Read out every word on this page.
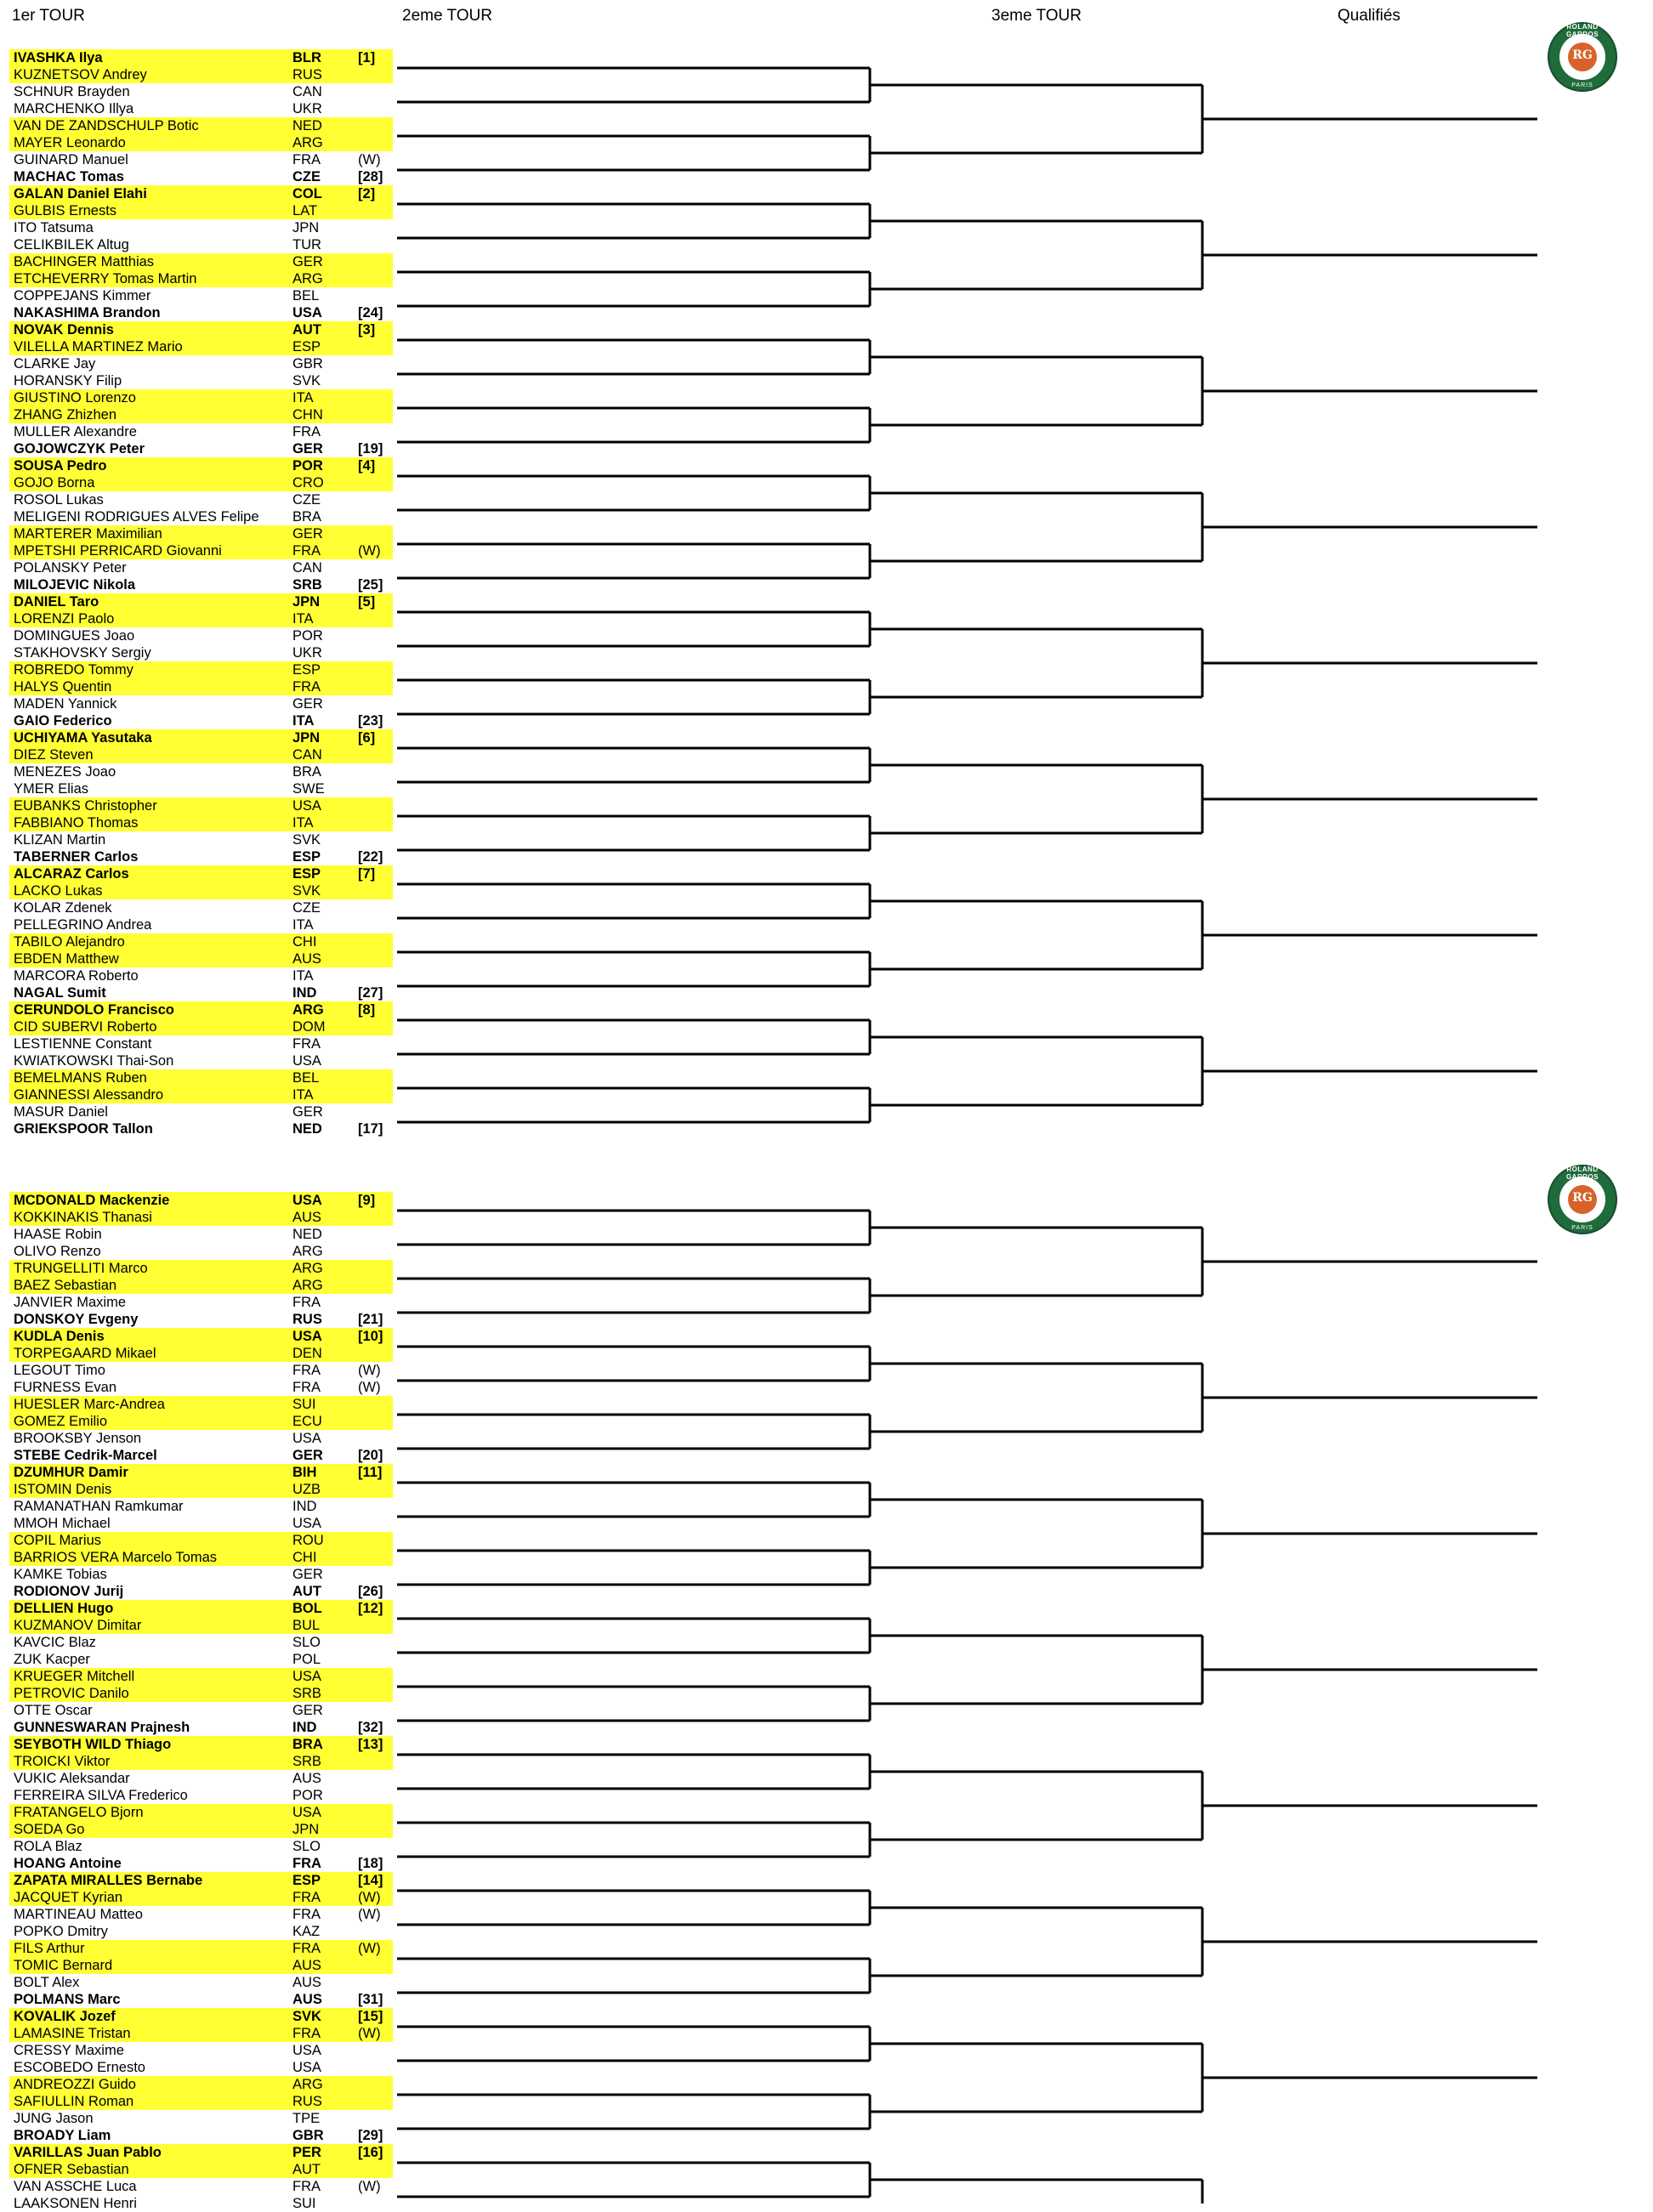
1er TOUR	2eme TOUR	3eme TOUR	Qualifiés
RG
ROLAND GARROS
PARIS
RG
ROLAND GARROS
PARIS
IVASHKA Ilya	BLR	[1]
KUZNETSOV Andrey	RUS
SCHNUR Brayden	CAN
MARCHENKO Illya	UKR
VAN DE ZANDSCHULP Botic	NED
MAYER Leonardo	ARG
GUINARD Manuel	FRA	(W)
MACHAC Tomas	CZE	[28]
GALAN Daniel Elahi	COL	[2]
GULBIS Ernests	LAT
ITO Tatsuma	JPN
CELIKBILEK Altug	TUR
BACHINGER Matthias	GER
ETCHEVERRY Tomas Martin	ARG
COPPEJANS Kimmer	BEL
NAKASHIMA Brandon	USA	[24]
NOVAK Dennis	AUT	[3]
VILELLA MARTINEZ Mario	ESP
CLARKE Jay	GBR
HORANSKY Filip	SVK
GIUSTINO Lorenzo	ITA
ZHANG Zhizhen	CHN
MULLER Alexandre	FRA
GOJOWCZYK Peter	GER [19]
SOUSA Pedro	POR [4]
GOJO Borna	CRO
ROSOL Lukas	CZE
MELIGENI RODRIGUES ALVES Felipe BRA
MARTERER Maximilian	GER
MPETSHI PERRICARD Giovanni	FRA	(W)
POLANSKY Peter	CAN
MILOJEVIC Nikola	SRB	[25]
DANIEL Taro	JPN	[5]
LORENZI Paolo	ITA
DOMINGUES Joao	POR
STAKHOVSKY Sergiy	UKR
ROBREDO Tommy	ESP
HALYS Quentin	FRA
MADEN Yannick	GER
GAIO Federico	ITA	[23]
UCHIYAMA Yasutaka	JPN	[6]
DIEZ Steven	CAN
MENEZES Joao	BRA
YMER Elias	SWE
EUBANKS Christopher	USA
FABBIANO Thomas	ITA
KLIZAN Martin	SVK
TABERNER Carlos	ESP	[22]
ALCARAZ Carlos	ESP	[7]
LACKO Lukas	SVK
KOLAR Zdenek	CZE
PELLEGRINO Andrea	ITA
TABILO Alejandro	CHI
EBDEN Matthew	AUS
MARCORA Roberto	ITA
NAGAL Sumit	IND	[27]
CERUNDOLO Francisco	ARG [8]
CID SUBERVI Roberto	DOM
LESTIENNE Constant	FRA
KWIATKOWSKI Thai-Son	USA
BEMELMANS Ruben	BEL
GIANNESSI Alessandro	ITA
MASUR Daniel	GER
GRIEKSPOOR Tallon	NED	[17]
MCDONALD Mackenzie	USA	[9]
KOKKINAKIS Thanasi	AUS
HAASE Robin	NED
OLIVO Renzo	ARG
TRUNGELLITI Marco	ARG
BAEZ Sebastian	ARG
JANVIER Maxime	FRA
DONSKOY Evgeny	RUS	[21]
KUDLA Denis	USA	[10]
TORPEGAARD Mikael	DEN
LEGOUT Timo	FRA	(W)
FURNESS Evan	FRA	(W)
HUESLER Marc-Andrea	SUI
GOMEZ Emilio	ECU
BROOKSBY Jenson	USA
STEBE Cedrik-Marcel	GER [20]
DZUMHUR Damir	BIH	[11]
ISTOMIN Denis	UZB
RAMANATHAN Ramkumar	IND
MMOH Michael	USA
COPIL Marius	ROU
BARRIOS VERA Marcelo Tomas	CHI
KAMKE Tobias	GER
RODIONOV Jurij	AUT	[26]
DELLIEN Hugo	BOL	[12]
KUZMANOV Dimitar	BUL
KAVCIC Blaz	SLO
ZUK Kacper	POL
KRUEGER Mitchell	USA
PETROVIC Danilo	SRB
OTTE Oscar	GER
GUNNESWARAN Prajnesh	IND	[32]
SEYBOTH WILD Thiago	BRA	[13]
TROICKI Viktor	SRB
VUKIC Aleksandar	AUS
FERREIRA SILVA Frederico	POR
FRATANGELO Bjorn	USA
SOEDA Go	JPN
ROLA Blaz	SLO
HOANG Antoine	FRA	[18]
ZAPATA MIRALLES Bernabe	ESP	[14]
JACQUET Kyrian	FRA	(W)
MARTINEAU Matteo	FRA	(W)
POPKO Dmitry	KAZ
FILS Arthur	FRA	(W)
TOMIC Bernard	AUS
BOLT Alex	AUS
POLMANS Marc	AUS	[31]
KOVALIK Jozef	SVK	[15]
LAMASINE Tristan	FRA	(W)
CRESSY Maxime	USA
ESCOBEDO Ernesto	USA
ANDREOZZI Guido	ARG
SAFIULLIN Roman	RUS
JUNG Jason	TPE
BROADY Liam	GBR [29]
VARILLAS Juan Pablo	PER	[16]
OFNER Sebastian	AUT
VAN ASSCHE Luca	FRA	(W)
LAAKSONEN Henri	SUI
